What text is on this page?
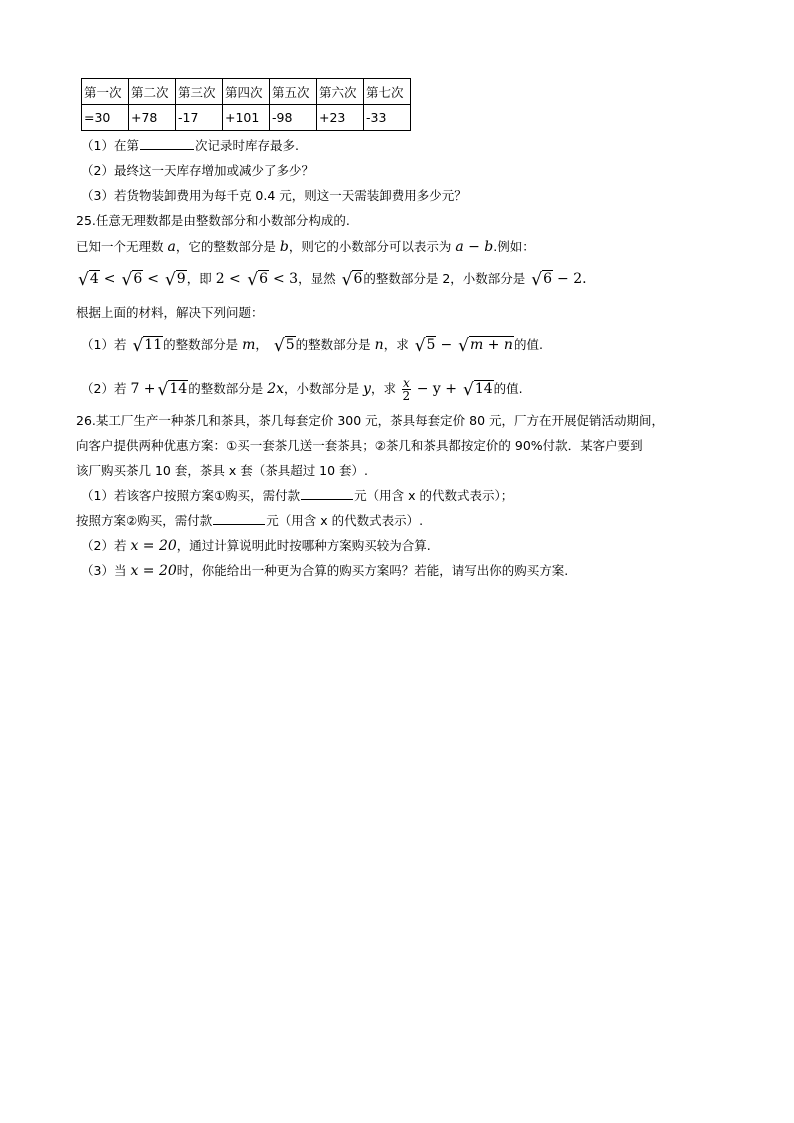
第一次	第二次	第三次	第四次	第五次	第六次	第七次
=30	+78	-17	+101	-98	+23	-33
（1）在第	次记录时库存最多.
（2）最终这一天库存增加或减少了多少？
（3）若货物装卸费用为每千克 0.4 元，则这一天需装卸费用多少元？
25.任意无理数都是由整数部分和小数部分构成的.
已知一个无理数 a，它的整数部分是 b，则它的小数部分可以表示为 a − b.例如：
√4 < √6 < √9，即 2 < √6 < 3，显然 √6的整数部分是 2，小数部分是 √6 − 2.
根据上面的材料，解决下列问题：
（1）若 √11的整数部分是 m， √5的整数部分是 n，求 √5 − √m + n的值.
（2）若 7 + √14的整数部分是 2x，小数部分是 y，求 $\frac{x}{2} - y + √14$的值.
26.某工厂生产一种茶几和茶具，茶几每套定价 300 元，茶具每套定价 80 元，厂方在开展促销活动期间，
向客户提供两种优惠方案：①买一套茶几送一套茶具；②茶几和茶具都按定价的 90%付款．某客户要到
该厂购买茶几 10 套，茶具 x 套（茶具超过 10 套）.
（1）若该客户按照方案①购买，需付款	元（用含 x 的代数式表示）；
按照方案②购买，需付款	元（用含 x 的代数式表示）.
（2）若 x = 20，通过计算说明此时按哪种方案购买较为合算.
（3）当 x = 20时，你能给出一种更为合算的购买方案吗？若能，请写出你的购买方案.
